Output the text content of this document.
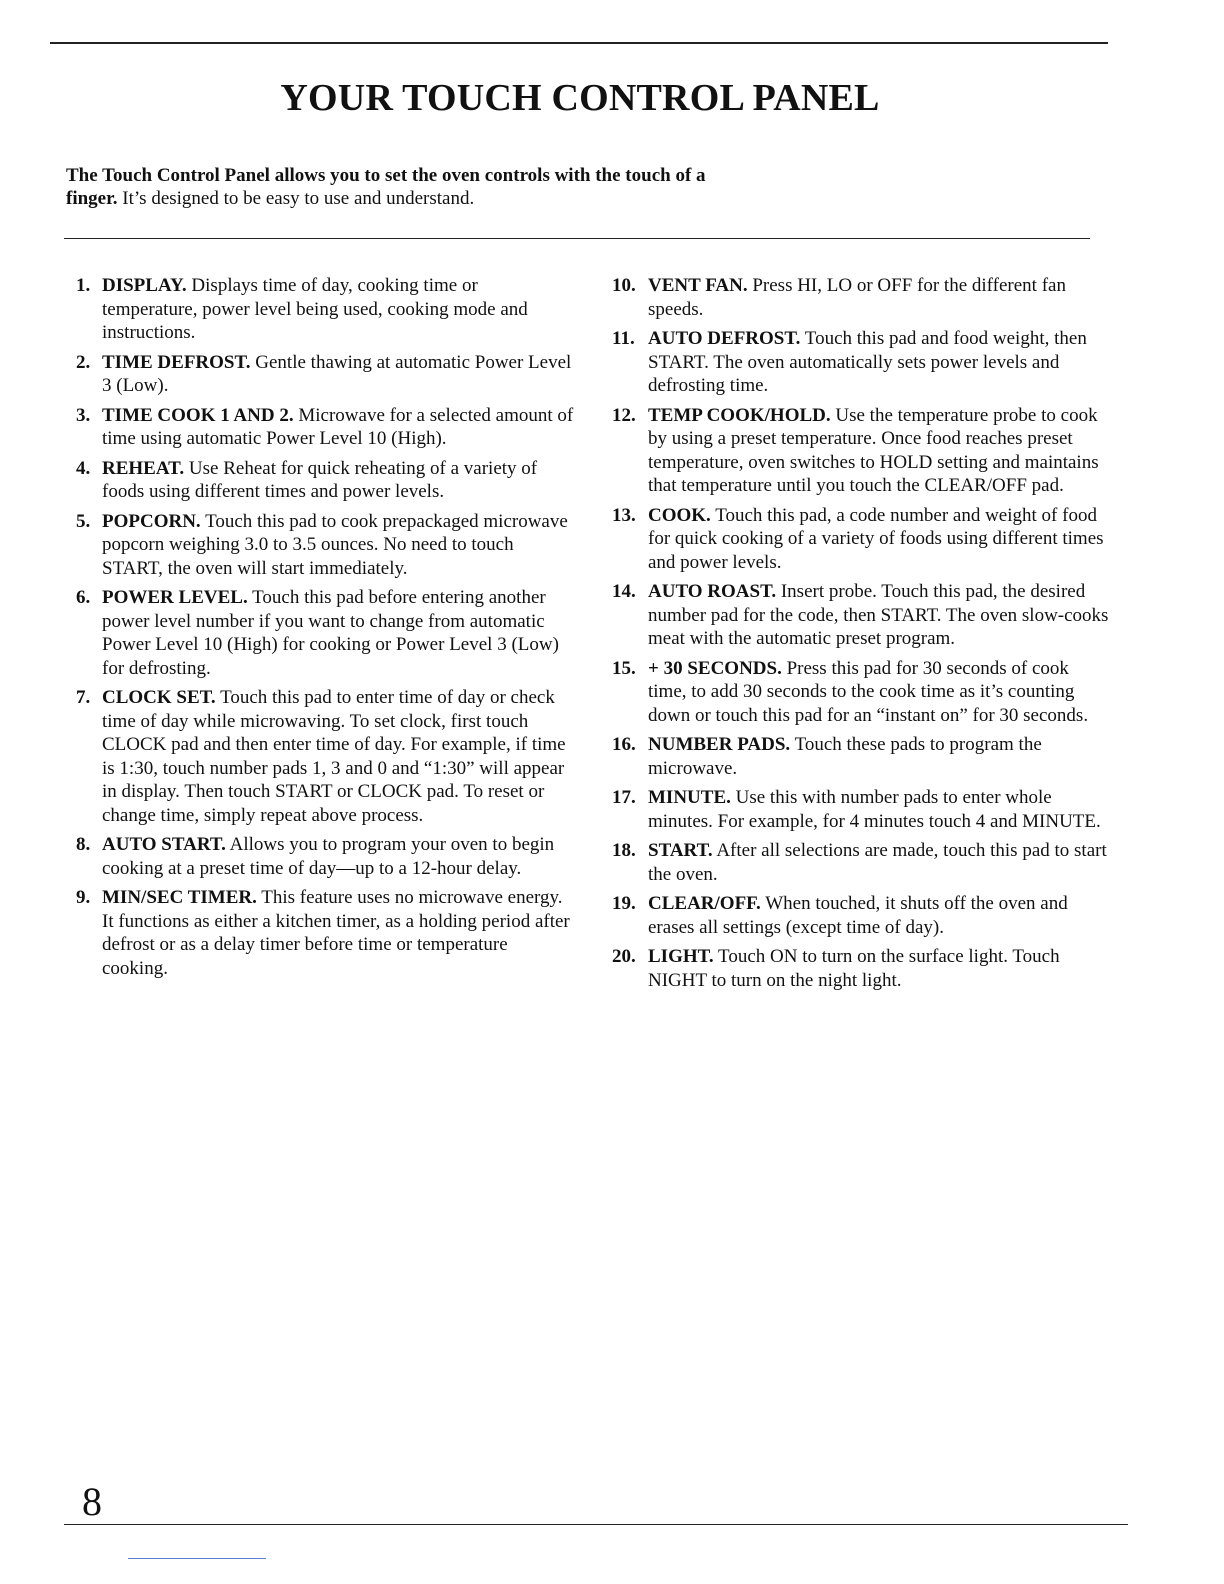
YOUR TOUCH CONTROL PANEL

The Touch Control Panel allows you to set the oven controls with the touch of a finger. It’s designed to be easy to use and understand.

1. DISPLAY. Displays time of day, cooking time or temperature, power level being used, cooking mode and instructions.
2. TIME DEFROST. Gentle thawing at automatic Power Level 3 (Low).
3. TIME COOK 1 AND 2. Microwave for a selected amount of time using automatic Power Level 10 (High).
4. REHEAT. Use Reheat for quick reheating of a variety of foods using different times and power levels.
5. POPCORN. Touch this pad to cook prepackaged microwave popcorn weighing 3.0 to 3.5 ounces. No need to touch START, the oven will start immediately.
6. POWER LEVEL. Touch this pad before entering another power level number if you want to change from automatic Power Level 10 (High) for cooking or Power Level 3 (Low) for defrosting.
7. CLOCK SET. Touch this pad to enter time of day or check time of day while microwaving. To set clock, first touch CLOCK pad and then enter time of day. For example, if time is 1:30, touch number pads 1, 3 and 0 and “1:30” will appear in display. Then touch START or CLOCK pad. To reset or change time, simply repeat above process.
8. AUTO START. Allows you to program your oven to begin cooking at a preset time of day—up to a 12-hour delay.
9. MIN/SEC TIMER. This feature uses no microwave energy. It functions as either a kitchen timer, as a holding period after defrost or as a delay timer before time or temperature cooking.
10. VENT FAN. Press HI, LO or OFF for the different fan speeds.
11. AUTO DEFROST. Touch this pad and food weight, then START. The oven automatically sets power levels and defrosting time.
12. TEMP COOK/HOLD. Use the temperature probe to cook by using a preset temperature. Once food reaches preset temperature, oven switches to HOLD setting and maintains that temperature until you touch the CLEAR/OFF pad.
13. COOK. Touch this pad, a code number and weight of food for quick cooking of a variety of foods using different times and power levels.
14. AUTO ROAST. Insert probe. Touch this pad, the desired number pad for the code, then START. The oven slow-cooks meat with the automatic preset program.
15. + 30 SECONDS. Press this pad for 30 seconds of cook time, to add 30 seconds to the cook time as it’s counting down or touch this pad for an “instant on” for 30 seconds.
16. NUMBER PADS. Touch these pads to program the microwave.
17. MINUTE. Use this with number pads to enter whole minutes. For example, for 4 minutes touch 4 and MINUTE.
18. START. After all selections are made, touch this pad to start the oven.
19. CLEAR/OFF. When touched, it shuts off the oven and erases all settings (except time of day).
20. LIGHT. Touch ON to turn on the surface light. Touch NIGHT to turn on the night light.
8
